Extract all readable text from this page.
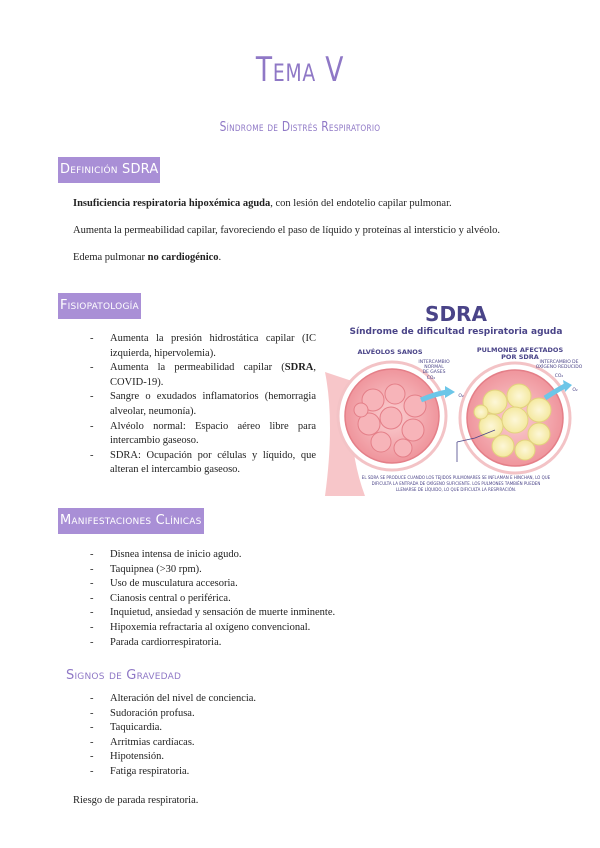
Tema V
Síndrome de Distrés Respiratorio
Definición SDRA
Insuficiencia respiratoria hipoxémica aguda, con lesión del endotelio capilar pulmonar.
Aumenta la permeabilidad capilar, favoreciendo el paso de líquido y proteínas al intersticio y alvéolo.
Edema pulmonar no cardiogénico.
Fisiopatología
- Aumenta la presión hidrostática capilar (IC izquierda, hipervolemia).
- Aumenta la permeabilidad capilar (SDRA, COVID-19).
- Sangre o exudados inflamatorios (hemorragia alveolar, neumonía).
- Alvéolo normal: Espacio aéreo libre para intercambio gaseoso.
- SDRA: Ocupación por células y líquido, que alteran el intercambio gaseoso.
SDRA
Síndrome de dificultad respiratoria aguda
ALVÉOLOS SANOS	PULMONES AFECTADOS
POR SDRA
INTERCAMBIO NORMAL
DE GASES
INTERCAMBIO DE
OXÍGENO REDUCIDO
CO₂
O₂
CO₂
O₂
EL SDRA SE PRODUCE CUANDO LOS TEJIDOS PULMONARES SE INFLAMAN E HINCHAN, LO QUE
DIFICULTA LA ENTRADA DE OXÍGENO SUFICIENTE. LOS PULMONES TAMBIÉN PUEDEN
LLENARSE DE LÍQUIDO, LO QUE DIFICULTA LA RESPIRACIÓN.
Manifestaciones Clínicas
- Disnea intensa de inicio agudo.
- Taquipnea (>30 rpm).
- Uso de musculatura accesoria.
- Cianosis central o periférica.
- Inquietud, ansiedad y sensación de muerte inminente.
- Hipoxemia refractaria al oxígeno convencional.
- Parada cardiorrespiratoria.
Signos de Gravedad
- Alteración del nivel de conciencia.
- Sudoración profusa.
- Taquicardia.
- Arritmias cardíacas.
- Hipotensión.
- Fatiga respiratoria.
Riesgo de parada respiratoria.
